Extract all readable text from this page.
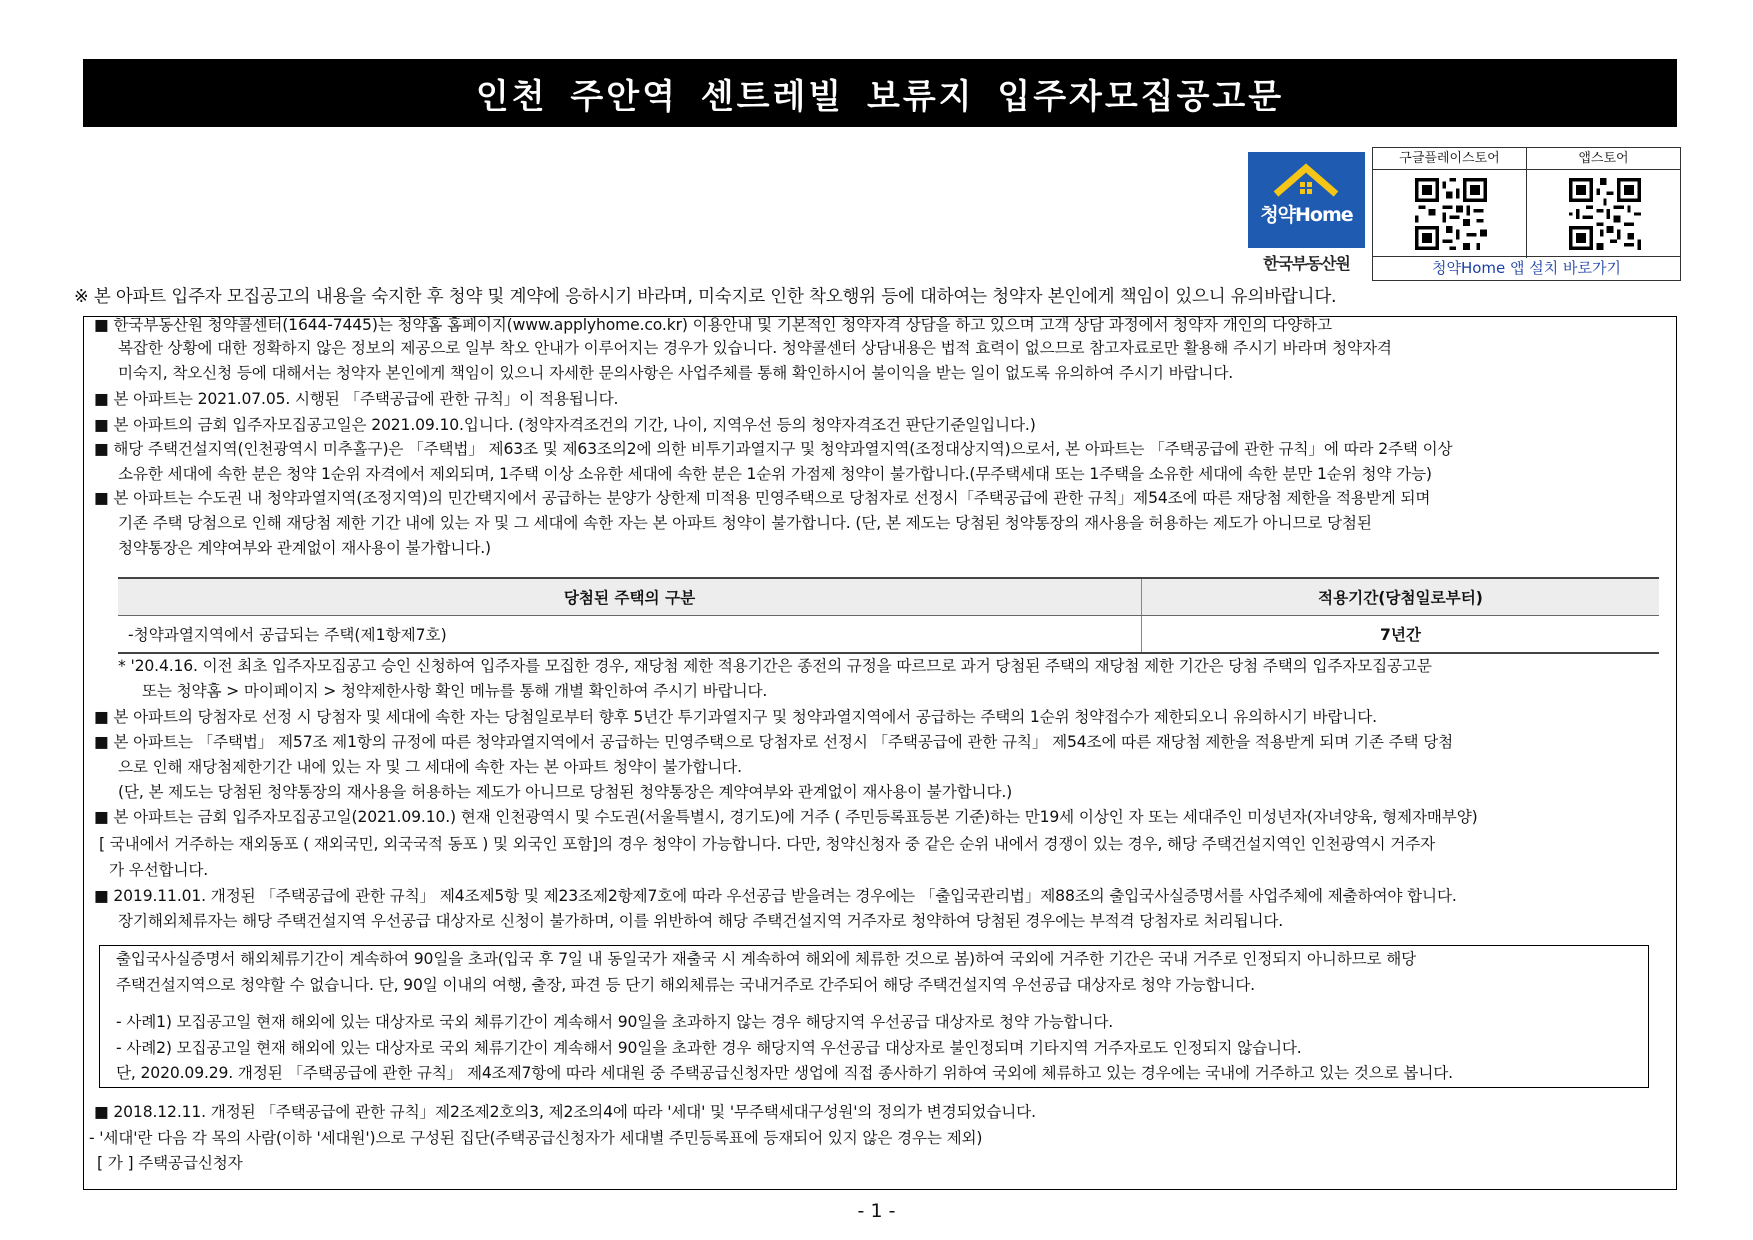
인천 주안역 센트레빌 보류지 입주자모집공고문
청약Home
한국부동산원
구글플레이스토어	앱스토어
청약Home 앱 설치 바로가기
※ 본 아파트 입주자 모집공고의 내용을 숙지한 후 청약 및 계약에 응하시기 바라며, 미숙지로 인한 착오행위 등에 대하여는 청약자 본인에게 책임이 있으니 유의바랍니다.
■ 한국부동산원 청약콜센터(1644-7445)는 청약홈 홈페이지(www.applyhome.co.kr) 이용안내 및 기본적인 청약자격 상담을 하고 있으며 고객 상담 과정에서 청약자 개인의 다양하고
복잡한 상황에 대한 정확하지 않은 정보의 제공으로 일부 착오 안내가 이루어지는 경우가 있습니다. 청약콜센터 상담내용은 법적 효력이 없으므로 참고자료로만 활용해 주시기 바라며 청약자격
미숙지, 착오신청 등에 대해서는 청약자 본인에게 책임이 있으니 자세한 문의사항은 사업주체를 통해 확인하시어 불이익을 받는 일이 없도록 유의하여 주시기 바랍니다.
■ 본 아파트는 2021.07.05. 시행된 「주택공급에 관한 규칙」이 적용됩니다.
■ 본 아파트의 금회 입주자모집공고일은 2021.09.10.입니다. (청약자격조건의 기간, 나이, 지역우선 등의 청약자격조건 판단기준일입니다.)
■ 해당 주택건설지역(인천광역시 미추홀구)은 「주택법」 제63조 및 제63조의2에 의한 비투기과열지구 및 청약과열지역(조정대상지역)으로서, 본 아파트는 「주택공급에 관한 규칙」에 따라 2주택 이상
소유한 세대에 속한 분은 청약 1순위 자격에서 제외되며, 1주택 이상 소유한 세대에 속한 분은 1순위 가점제 청약이 불가합니다.(무주택세대 또는 1주택을 소유한 세대에 속한 분만 1순위 청약 가능)
■ 본 아파트는 수도권 내 청약과열지역(조정지역)의 민간택지에서 공급하는 분양가 상한제 미적용 민영주택으로 당첨자로 선정시「주택공급에 관한 규칙」제54조에 따른 재당첨 제한을 적용받게 되며
기존 주택 당첨으로 인해 재당첨 제한 기간 내에 있는 자 및 그 세대에 속한 자는 본 아파트 청약이 불가합니다. (단, 본 제도는 당첨된 청약통장의 재사용을 허용하는 제도가 아니므로 당첨된
청약통장은 계약여부와 관계없이 재사용이 불가합니다.)
당첨된 주택의 구분	적용기간(당첨일로부터)
-청약과열지역에서 공급되는 주택(제1항제7호)	7년간
* '20.4.16. 이전 최초 입주자모집공고 승인 신청하여 입주자를 모집한 경우, 재당첨 제한 적용기간은 종전의 규정을 따르므로 과거 당첨된 주택의 재당첨 제한 기간은 당첨 주택의 입주자모집공고문
또는 청약홈 > 마이페이지 > 청약제한사항 확인 메뉴를 통해 개별 확인하여 주시기 바랍니다.
■ 본 아파트의 당첨자로 선정 시 당첨자 및 세대에 속한 자는 당첨일로부터 향후 5년간 투기과열지구 및 청약과열지역에서 공급하는 주택의 1순위 청약접수가 제한되오니 유의하시기 바랍니다.
■ 본 아파트는 「주택법」 제57조 제1항의 규정에 따른 청약과열지역에서 공급하는 민영주택으로 당첨자로 선정시 「주택공급에 관한 규칙」 제54조에 따른 재당첨 제한을 적용받게 되며 기존 주택 당첨
으로 인해 재당첨제한기간 내에 있는 자 및 그 세대에 속한 자는 본 아파트 청약이 불가합니다.
(단, 본 제도는 당첨된 청약통장의 재사용을 허용하는 제도가 아니므로 당첨된 청약통장은 계약여부와 관계없이 재사용이 불가합니다.)
■ 본 아파트는 금회 입주자모집공고일(2021.09.10.) 현재 인천광역시 및 수도권(서울특별시, 경기도)에 거주 ( 주민등록표등본 기준)하는 만19세 이상인 자 또는 세대주인 미성년자(자녀양육, 형제자매부양)
[ 국내에서 거주하는 재외동포 ( 재외국민, 외국국적 동포 ) 및 외국인 포함]의 경우 청약이 가능합니다. 다만, 청약신청자 중 같은 순위 내에서 경쟁이 있는 경우, 해당 주택건설지역인 인천광역시 거주자
가 우선합니다.
■ 2019.11.01. 개정된 「주택공급에 관한 규칙」 제4조제5항 및 제23조제2항제7호에 따라 우선공급 받을려는 경우에는 「출입국관리법」제88조의 출입국사실증명서를 사업주체에 제출하여야 합니다.
장기해외체류자는 해당 주택건설지역 우선공급 대상자로 신청이 불가하며, 이를 위반하여 해당 주택건설지역 거주자로 청약하여 당첨된 경우에는 부적격 당첨자로 처리됩니다.
출입국사실증명서 해외체류기간이 계속하여 90일을 초과(입국 후 7일 내 동일국가 재출국 시 계속하여 해외에 체류한 것으로 봄)하여 국외에 거주한 기간은 국내 거주로 인정되지 아니하므로 해당
주택건설지역으로 청약할 수 없습니다. 단, 90일 이내의 여행, 출장, 파견 등 단기 해외체류는 국내거주로 간주되어 해당 주택건설지역 우선공급 대상자로 청약 가능합니다.
- 사례1) 모집공고일 현재 해외에 있는 대상자로 국외 체류기간이 계속해서 90일을 초과하지 않는 경우 해당지역 우선공급 대상자로 청약 가능합니다.
- 사례2) 모집공고일 현재 해외에 있는 대상자로 국외 체류기간이 계속해서 90일을 초과한 경우 해당지역 우선공급 대상자로 불인정되며 기타지역 거주자로도 인정되지 않습니다.
단, 2020.09.29. 개정된 「주택공급에 관한 규칙」 제4조제7항에 따라 세대원 중 주택공급신청자만 생업에 직접 종사하기 위하여 국외에 체류하고 있는 경우에는 국내에 거주하고 있는 것으로 봅니다.
■ 2018.12.11. 개정된 「주택공급에 관한 규칙」제2조제2호의3, 제2조의4에 따라 '세대' 및 '무주택세대구성원'의 정의가 변경되었습니다.
- '세대'란 다음 각 목의 사람(이하 '세대원')으로 구성된 집단(주택공급신청자가 세대별 주민등록표에 등재되어 있지 않은 경우는 제외)
[ 가 ] 주택공급신청자
- 1 -
